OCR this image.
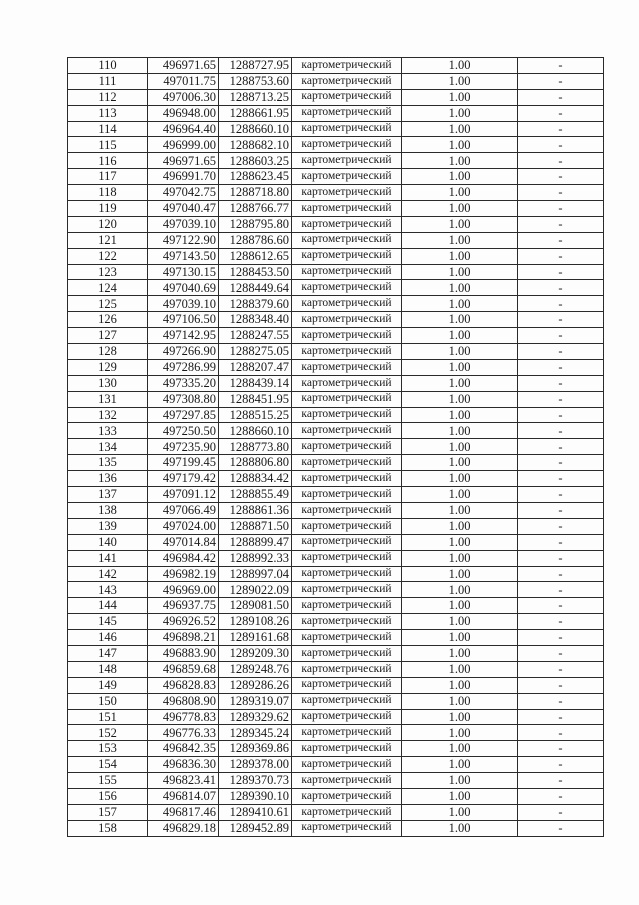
110	496971.65	1288727.95	картометрический	1.00	-
111	497011.75	1288753.60	картометрический	1.00	-
112	497006.30	1288713.25	картометрический	1.00	-
113	496948.00	1288661.95	картометрический	1.00	-
114	496964.40	1288660.10	картометрический	1.00	-
115	496999.00	1288682.10	картометрический	1.00	-
116	496971.65	1288603.25	картометрический	1.00	-
117	496991.70	1288623.45	картометрический	1.00	-
118	497042.75	1288718.80	картометрический	1.00	-
119	497040.47	1288766.77	картометрический	1.00	-
120	497039.10	1288795.80	картометрический	1.00	-
121	497122.90	1288786.60	картометрический	1.00	-
122	497143.50	1288612.65	картометрический	1.00	-
123	497130.15	1288453.50	картометрический	1.00	-
124	497040.69	1288449.64	картометрический	1.00	-
125	497039.10	1288379.60	картометрический	1.00	-
126	497106.50	1288348.40	картометрический	1.00	-
127	497142.95	1288247.55	картометрический	1.00	-
128	497266.90	1288275.05	картометрический	1.00	-
129	497286.99	1288207.47	картометрический	1.00	-
130	497335.20	1288439.14	картометрический	1.00	-
131	497308.80	1288451.95	картометрический	1.00	-
132	497297.85	1288515.25	картометрический	1.00	-
133	497250.50	1288660.10	картометрический	1.00	-
134	497235.90	1288773.80	картометрический	1.00	-
135	497199.45	1288806.80	картометрический	1.00	-
136	497179.42	1288834.42	картометрический	1.00	-
137	497091.12	1288855.49	картометрический	1.00	-
138	497066.49	1288861.36	картометрический	1.00	-
139	497024.00	1288871.50	картометрический	1.00	-
140	497014.84	1288899.47	картометрический	1.00	-
141	496984.42	1288992.33	картометрический	1.00	-
142	496982.19	1288997.04	картометрический	1.00	-
143	496969.00	1289022.09	картометрический	1.00	-
144	496937.75	1289081.50	картометрический	1.00	-
145	496926.52	1289108.26	картометрический	1.00	-
146	496898.21	1289161.68	картометрический	1.00	-
147	496883.90	1289209.30	картометрический	1.00	-
148	496859.68	1289248.76	картометрический	1.00	-
149	496828.83	1289286.26	картометрический	1.00	-
150	496808.90	1289319.07	картометрический	1.00	-
151	496778.83	1289329.62	картометрический	1.00	-
152	496776.33	1289345.24	картометрический	1.00	-
153	496842.35	1289369.86	картометрический	1.00	-
154	496836.30	1289378.00	картометрический	1.00	-
155	496823.41	1289370.73	картометрический	1.00	-
156	496814.07	1289390.10	картометрический	1.00	-
157	496817.46	1289410.61	картометрический	1.00	-
158	496829.18	1289452.89	картометрический	1.00	-
